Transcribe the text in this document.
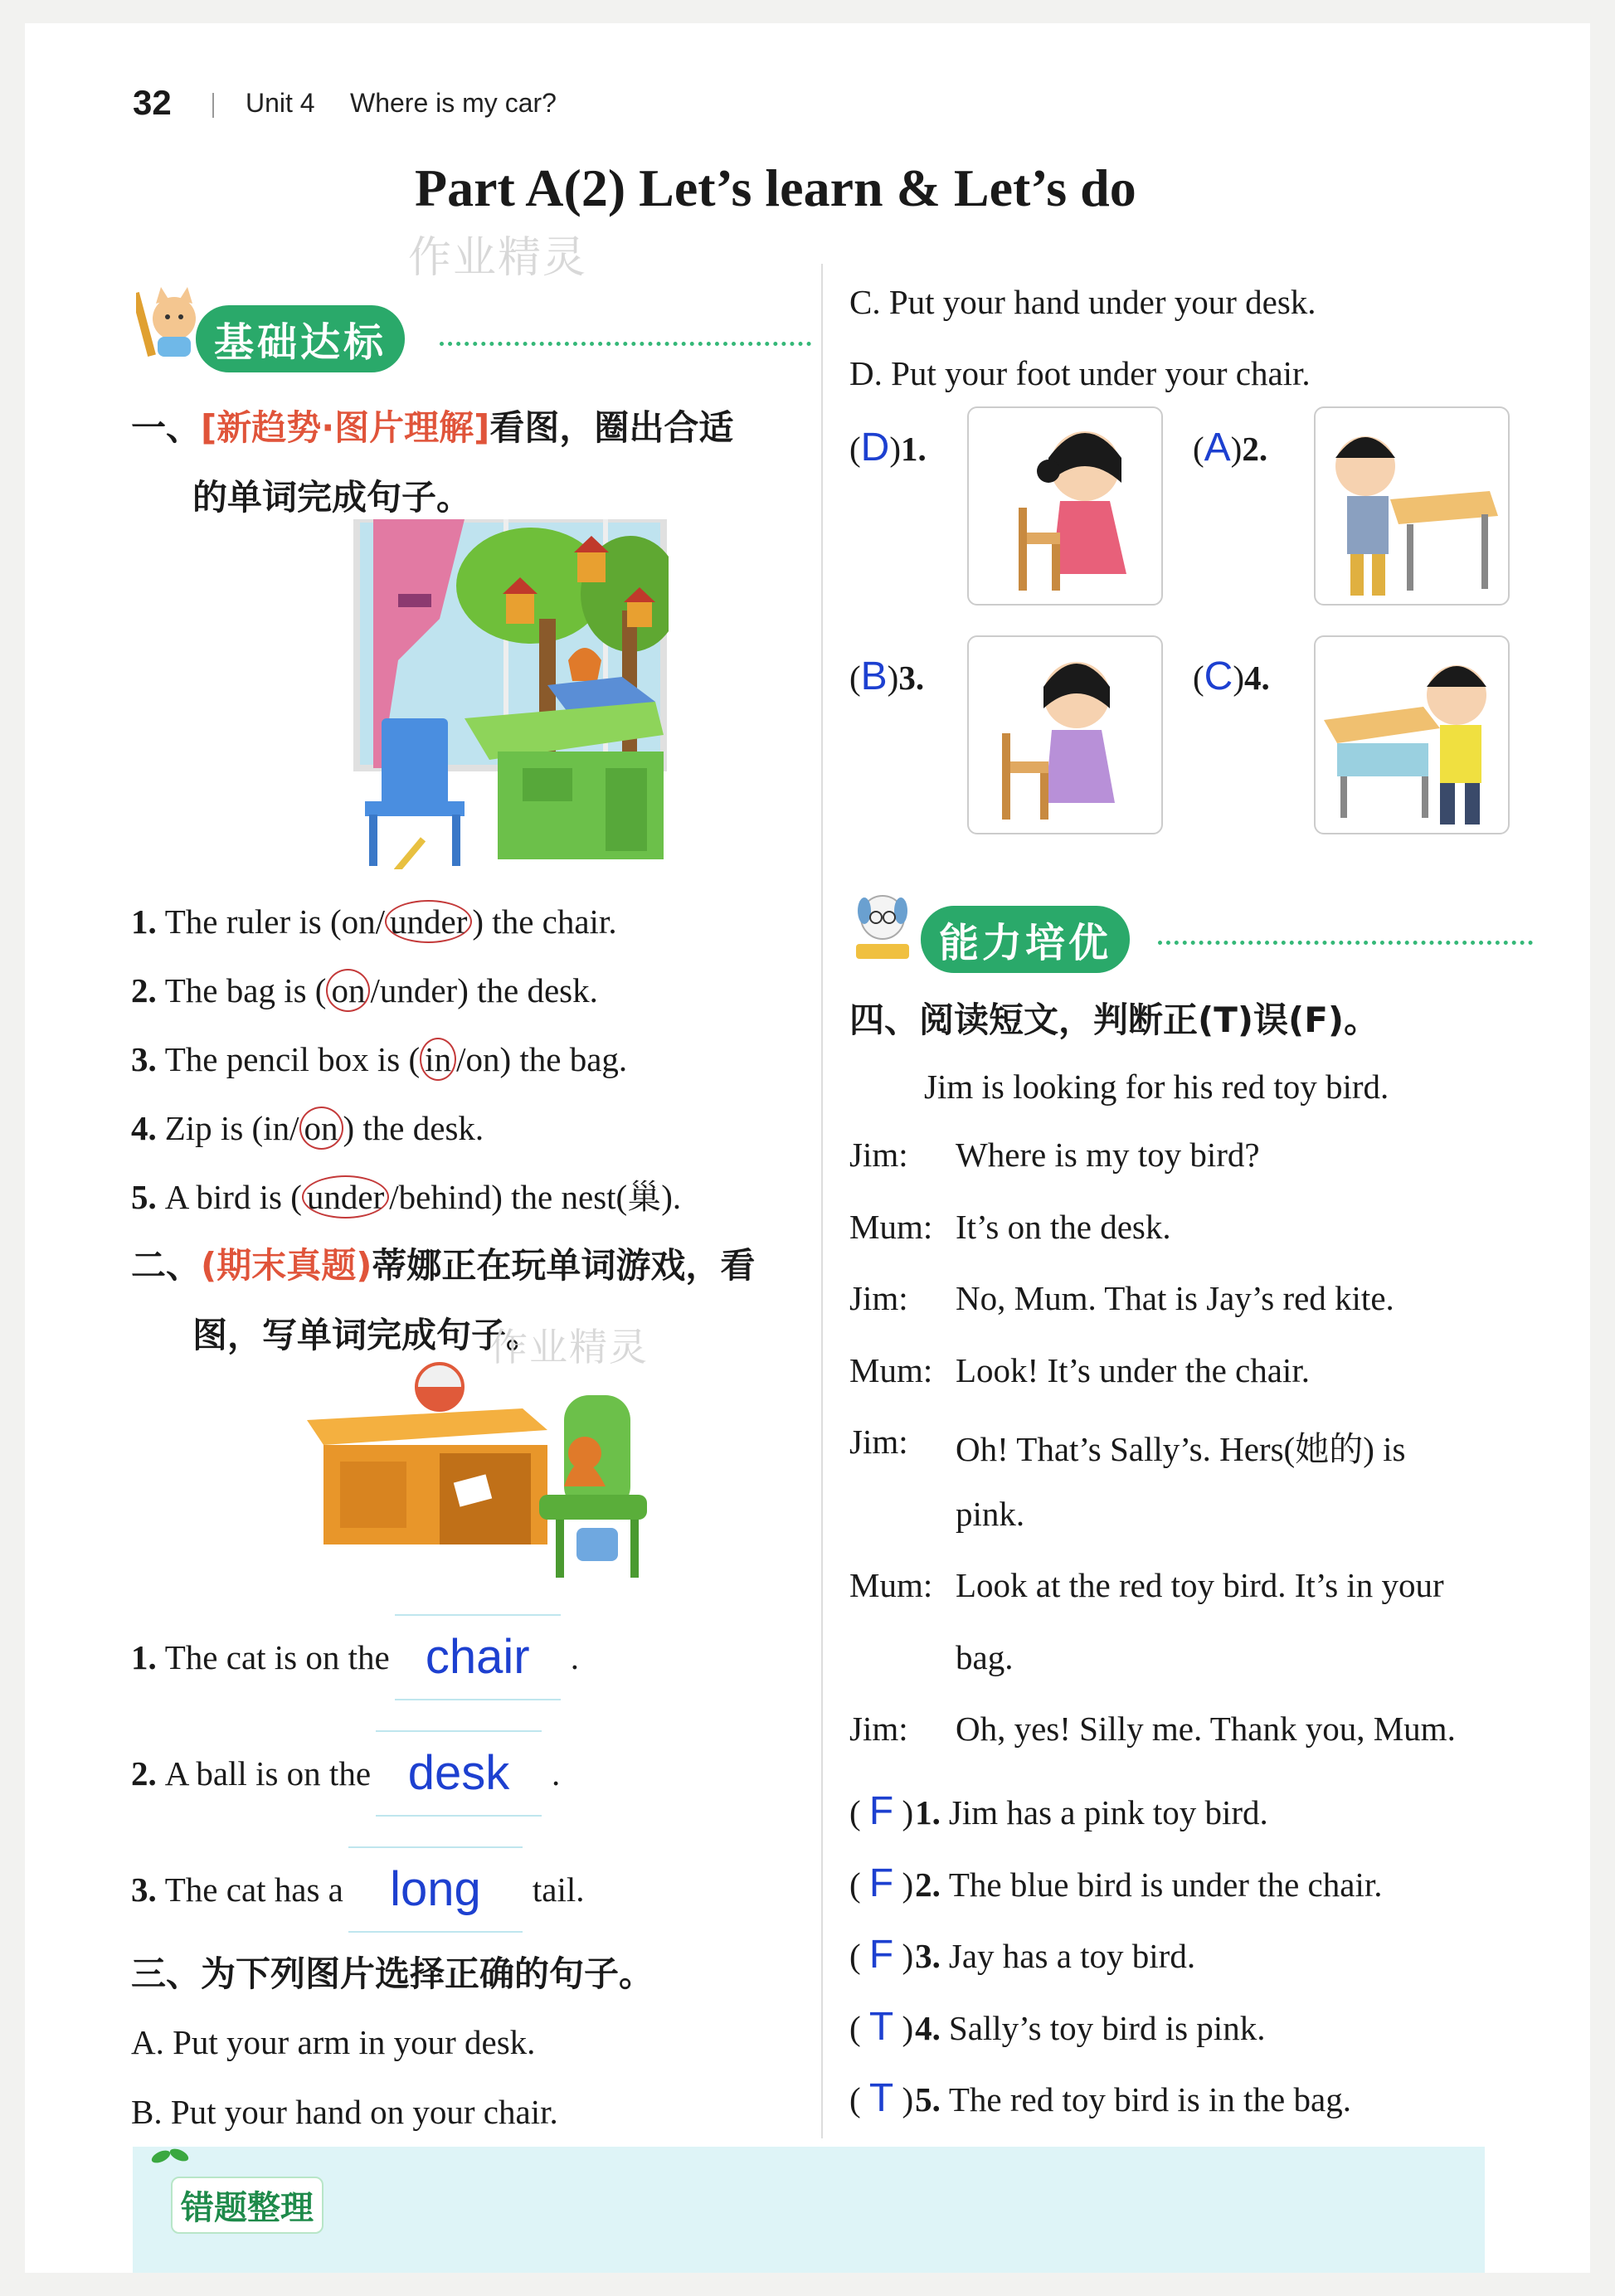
32	Unit 4 Where is my car?
Part A(2) Let’s learn & Let’s do
作业精灵
基础达标
一、[新趋势·图片理解]看图，圈出合适
的单词完成句子。
1. The ruler is (on/ under ) the chair.
2. The bag is ( on /under) the desk.
3. The pencil box is ( in /on) the bag.
4. Zip is (in/ on ) the desk.
5. A bird is ( under /behind) the nest(巢).
二、(期末真题)蒂娜正在玩单词游戏，看
图，写单词完成句子。
作业精灵
1. The cat is on the chair	.
2. A ball is on the desk	.
3. The cat has a long	tail.
三、为下列图片选择正确的句子。
A. Put your arm in your desk.
B. Put your hand on your chair.
C. Put your hand under your desk.
D. Put your foot under your chair.
(D)1.	(A)2.
(B)3.	(C)4.
能力培优
四、阅读短文，判断正(T)误(F)。
Jim is looking for his red toy bird.
Jim: Where is my toy bird?
Mum: It’s on the desk.
Jim: No, Mum. That is Jay’s red kite.
Mum: Look! It’s under the chair.
Jim: Oh! That’s Sally’s. Hers(她的) is
pink.
Mum: Look at the red toy bird. It’s in your
bag.
Jim: Oh, yes! Silly me. Thank you, Mum.
( F )1. Jim has a pink toy bird.
( F )2. The blue bird is under the chair.
( F )3. Jay has a toy bird.
( T )4. Sally’s toy bird is pink.
( T )5. The red toy bird is in the bag.
错题整理
